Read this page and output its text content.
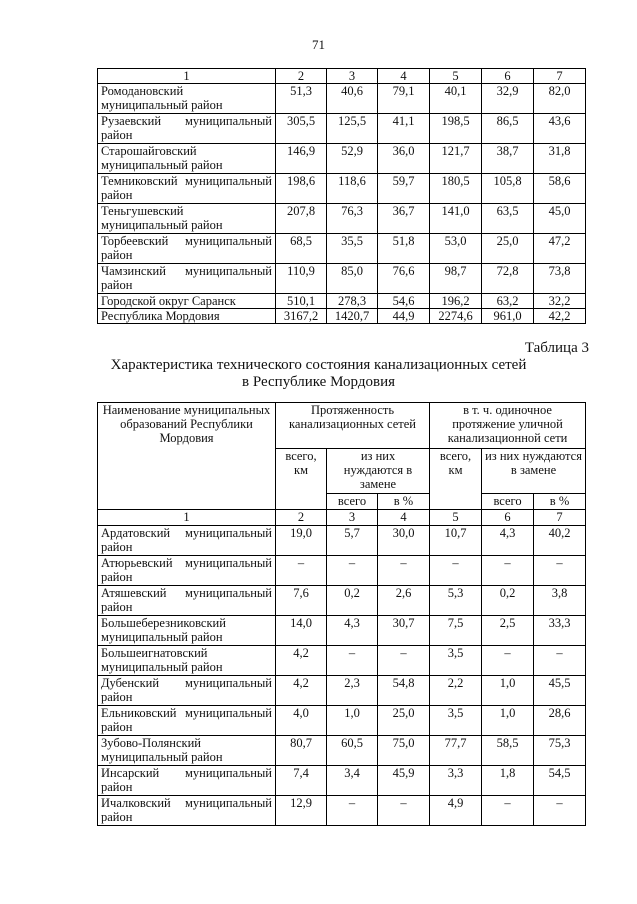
71
1	2	3	4	5	6	7
Ромодановский муниципальный район	51,3	40,6	79,1	40,1	32,9	82,0
Рузаевский муниципальный район	305,5	125,5	41,1	198,5	86,5	43,6
Старошайговский муниципальный район	146,9	52,9	36,0	121,7	38,7	31,8
Темниковский муниципальный район	198,6	118,6	59,7	180,5	105,8	58,6
Теньгушевский муниципальный район	207,8	76,3	36,7	141,0	63,5	45,0
Торбеевский муниципальный район	68,5	35,5	51,8	53,0	25,0	47,2
Чамзинский муниципальный район	110,9	85,0	76,6	98,7	72,8	73,8
Городской округ Саранск	510,1	278,3	54,6	196,2	63,2	32,2
Республика Мордовия	3167,2	1420,7	44,9	2274,6	961,0	42,2
Таблица 3
Характеристика технического состояния канализационных сетей
в Республике Мордовия
Наименование муниципальных образований Республики Мордовия	Протяженность канализационных сетей			в т. ч. одиночное протяжение уличной канализационной сети		
	всего, км	из них нуждаются в замене		всего, км	из них нуждаются в замене	
		всего	в %		всего	в %
1	2	3	4	5	6	7
Ардатовский муниципальный район	19,0	5,7	30,0	10,7	4,3	40,2
Атюрьевский муниципальный район	–	–	–	–	–	–
Атяшевский муниципальный район	7,6	0,2	2,6	5,3	0,2	3,8
Большеберезниковский муниципальный район	14,0	4,3	30,7	7,5	2,5	33,3
Большеигнатовский муниципальный район	4,2	–	–	3,5	–	–
Дубенский муниципальный район	4,2	2,3	54,8	2,2	1,0	45,5
Ельниковский муниципальный район	4,0	1,0	25,0	3,5	1,0	28,6
Зубово-Полянский муниципальный район	80,7	60,5	75,0	77,7	58,5	75,3
Инсарский муниципальный район	7,4	3,4	45,9	3,3	1,8	54,5
Ичалковский муниципальный район	12,9	–	–	4,9	–	–
